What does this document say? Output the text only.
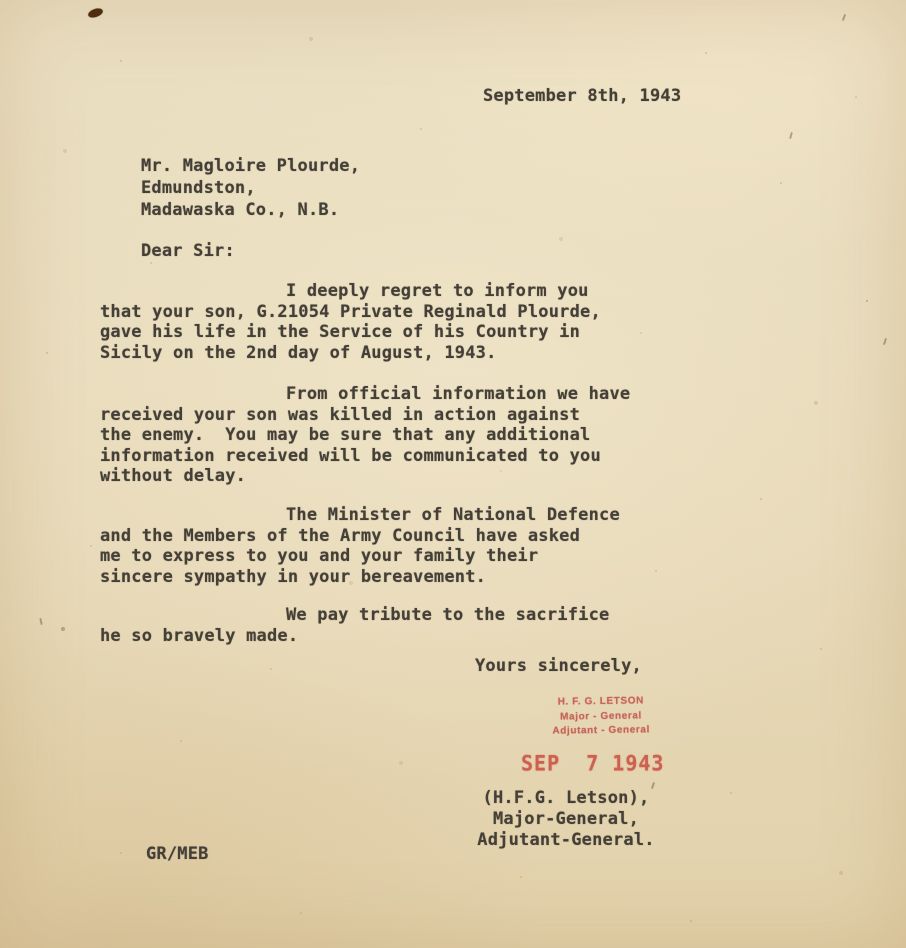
September 8th, 1943
Mr. Magloire Plourde,
Edmundston,
Madawaska Co., N.B.
Dear Sir:
I deeply regret to inform you
that your son, G.21054 Private Reginald Plourde,
gave his life in the Service of his Country in
Sicily on the 2nd day of August, 1943.
From official information we have
received your son was killed in action against
the enemy.  You may be sure that any additional
information received will be communicated to you
without delay.
The Minister of National Defence
and the Members of the Army Council have asked
me to express to you and your family their
sincere sympathy in your bereavement.
We pay tribute to the sacrifice
he so bravely made.
Yours sincerely,
H. F. G. LETSON
Major - General
Adjutant - General
SEP  7 1943
(H.F.G. Letson),
Major-General,
Adjutant-General.
GR/MEB
